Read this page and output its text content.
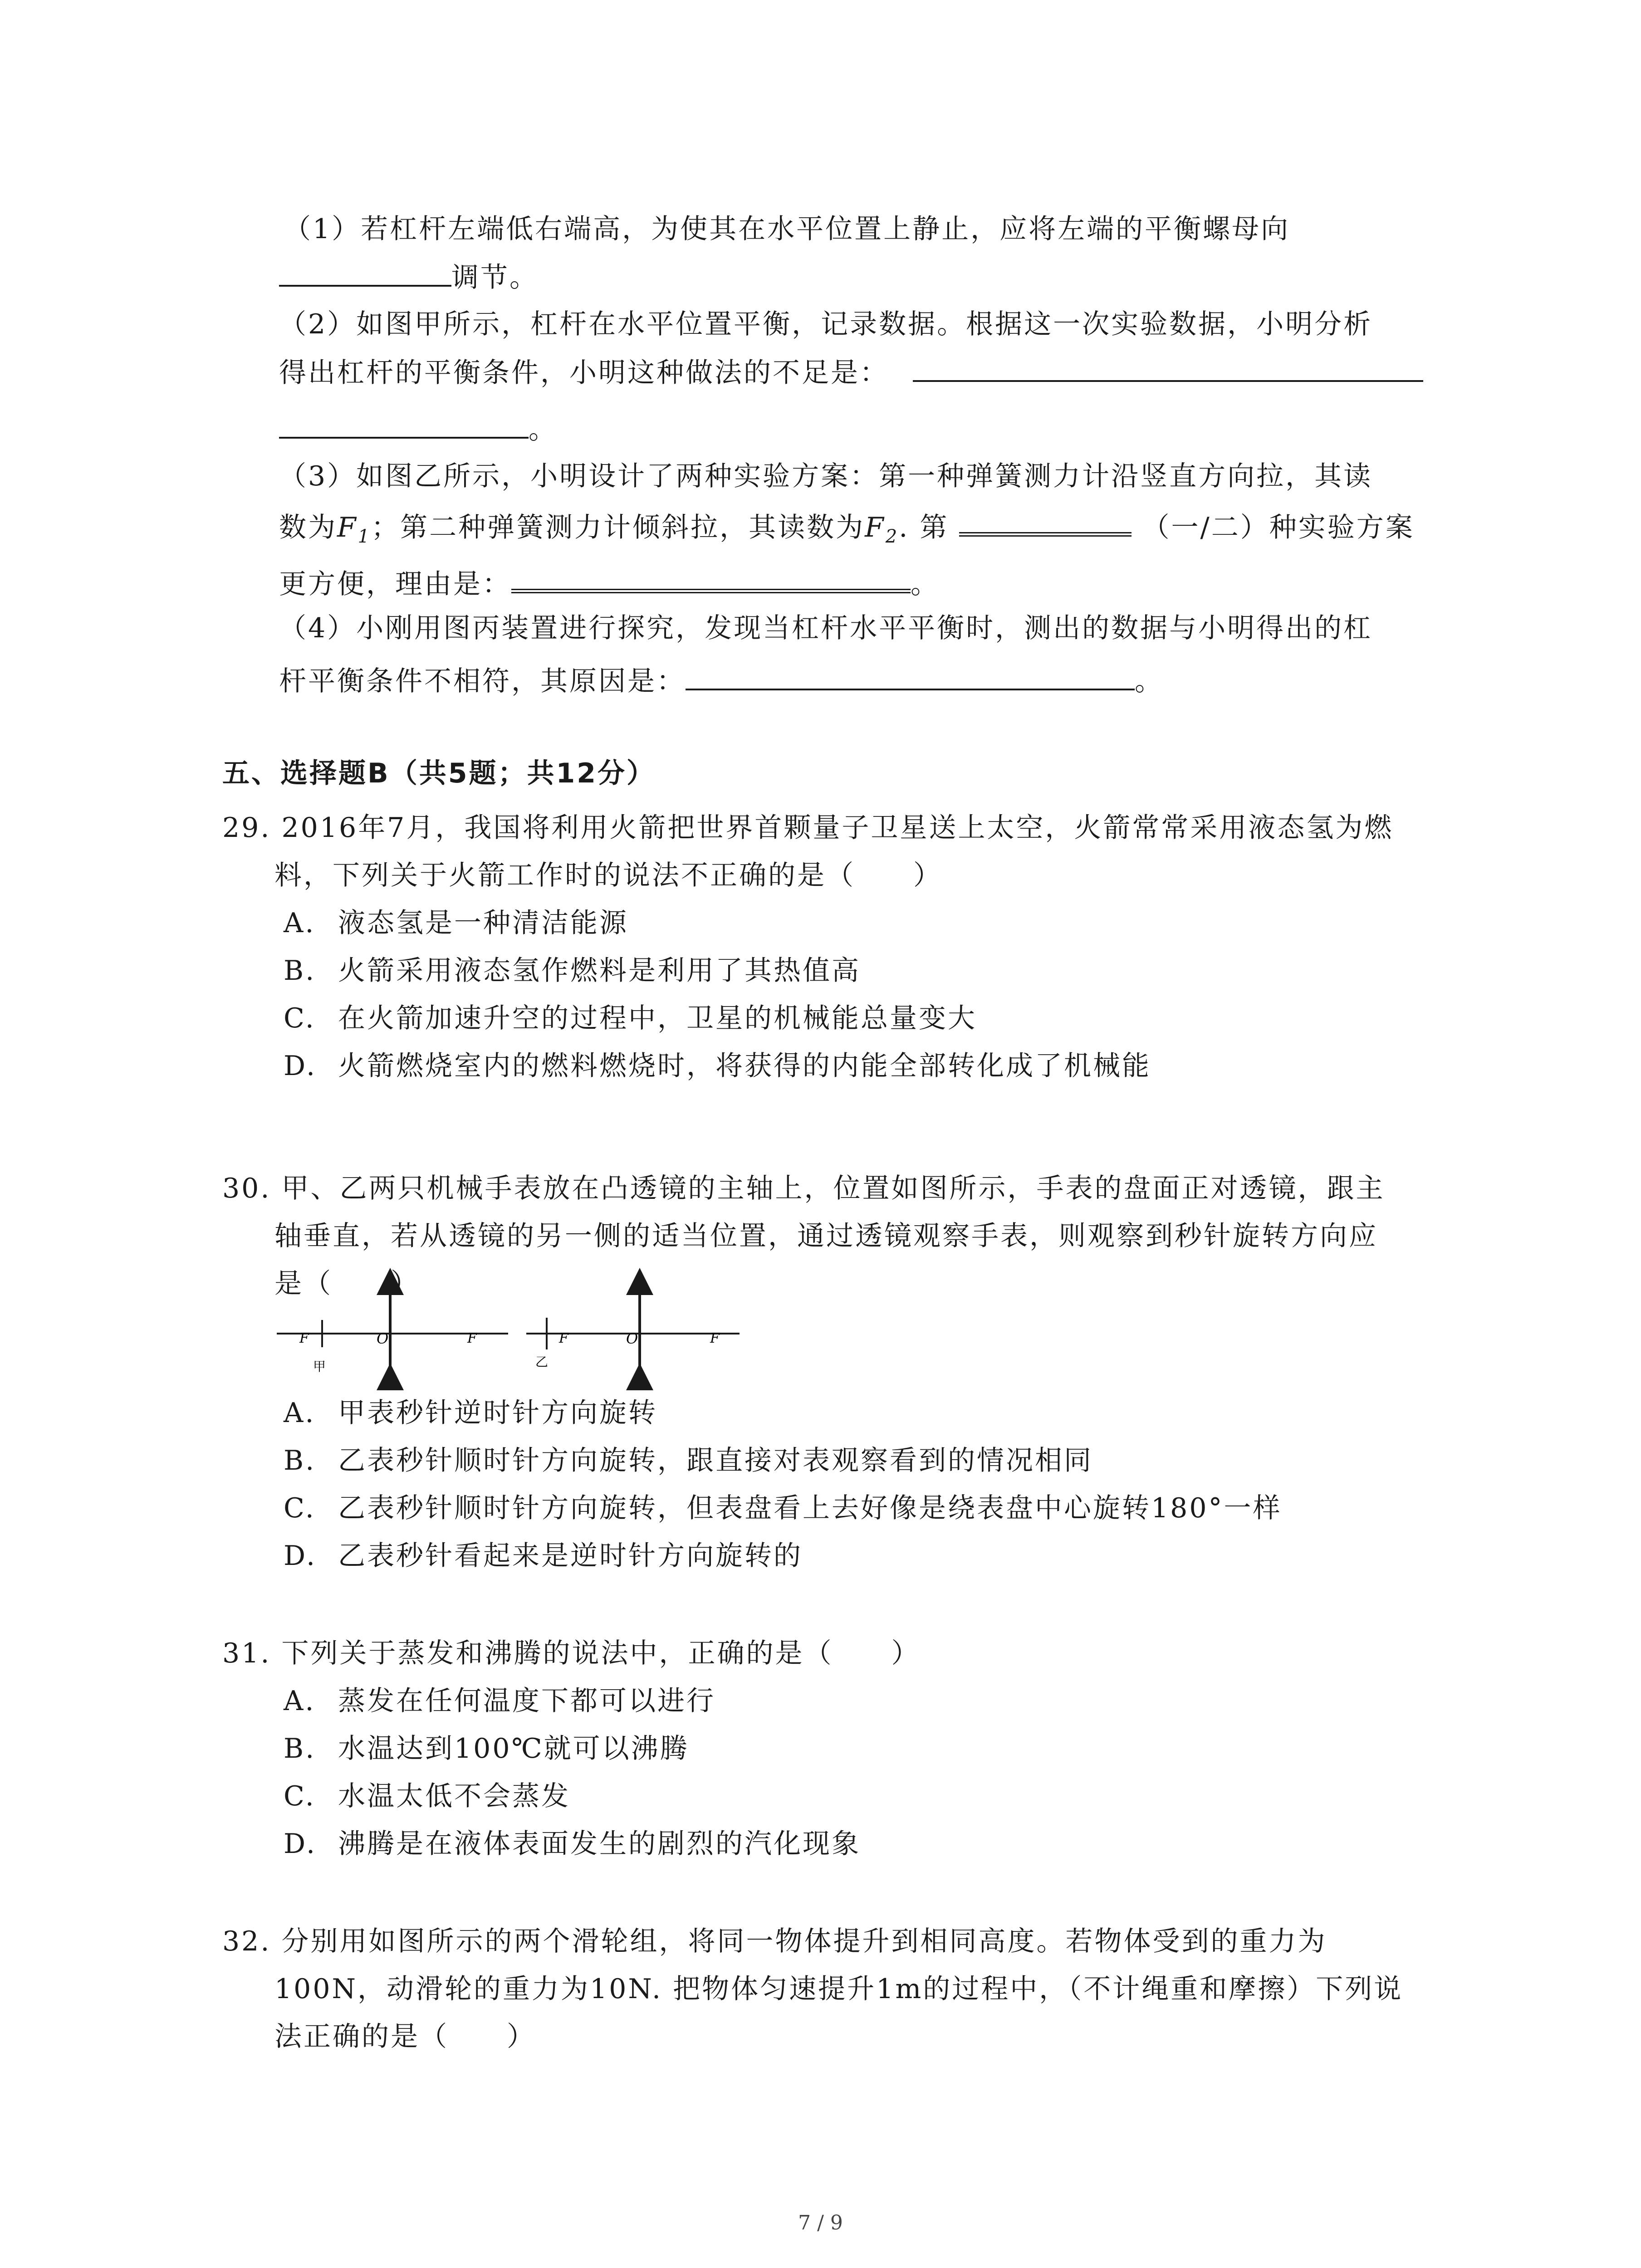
（1）若杠杆左端低右端高，为使其在水平位置上静止，应将左端的平衡螺母向
调节。
（2）如图甲所示，杠杆在水平位置平衡，记录数据。根据这一次实验数据，小明分析
得出杠杆的平衡条件，小明这种做法的不足是：
。
（3）如图乙所示，小明设计了两种实验方案：第一种弹簧测力计沿竖直方向拉，其读
数为$F_1$；第二种弹簧测力计倾斜拉，其读数为$F_2$. 第	（一/二）种实验方案
更方便，理由是：	。
（4）小刚用图丙装置进行探究，发现当杠杆水平平衡时，测出的数据与小明得出的杠
杆平衡条件不相符，其原因是：	。
五、选择题B（共5题；共12分）
29. 2016年7月，我国将利用火箭把世界首颗量子卫星送上太空，火箭常常采用液态氢为燃
料，下列关于火箭工作时的说法不正确的是（　　）
A. 液态氢是一种清洁能源
B. 火箭采用液态氢作燃料是利用了其热值高
C. 在火箭加速升空的过程中，卫星的机械能总量变大
D. 火箭燃烧室内的燃料燃烧时，将获得的内能全部转化成了机械能
30. 甲、乙两只机械手表放在凸透镜的主轴上，位置如图所示，手表的盘面正对透镜，跟主
轴垂直，若从透镜的另一侧的适当位置，通过透镜观察手表，则观察到秒针旋转方向应
是（　　）
F	O	F
甲
F	O	F
乙
A. 甲表秒针逆时针方向旋转
B. 乙表秒针顺时针方向旋转，跟直接对表观察看到的情况相同
C. 乙表秒针顺时针方向旋转，但表盘看上去好像是绕表盘中心旋转180°一样
D. 乙表秒针看起来是逆时针方向旋转的
31. 下列关于蒸发和沸腾的说法中，正确的是（　　）
A. 蒸发在任何温度下都可以进行
B. 水温达到100℃就可以沸腾
C. 水温太低不会蒸发
D. 沸腾是在液体表面发生的剧烈的汽化现象
32. 分别用如图所示的两个滑轮组，将同一物体提升到相同高度。若物体受到的重力为
100N，动滑轮的重力为10N. 把物体匀速提升1m的过程中，（不计绳重和摩擦）下列说
法正确的是（　　）
7 / 9
